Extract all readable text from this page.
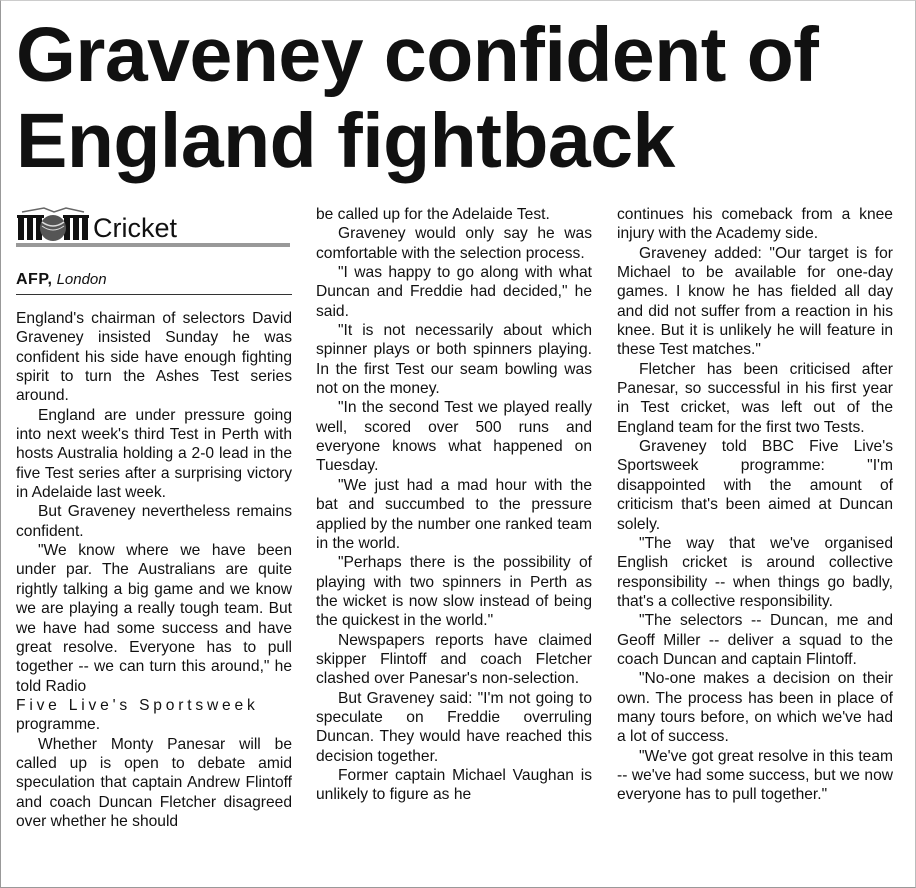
Graveney confident of
England fightback
Cricket
AFP, London

England's chairman of selectors David Graveney insisted Sunday he was confident his side have enough fighting spirit to turn the Ashes Test series around.

England are under pressure going into next week's third Test in Perth with hosts Australia holding a 2-0 lead in the five Test series after a surprising victory in Adelaide last week.

But Graveney nevertheless remains confident.

"We know where we have been under par. The Australians are quite rightly talking a big game and we know we are playing a really tough team. But we have had some success and have great resolve. Everyone has to pull together -- we can turn this around," he told Radio

Five Live's Sportsweek

programme.

Whether Monty Panesar will be called up is open to debate amid speculation that captain Andrew Flintoff and coach Duncan Fletcher disagreed over whether he should

be called up for the Adelaide Test.

Graveney would only say he was comfortable with the selection process.

"I was happy to go along with what Duncan and Freddie had decided," he said.

"It is not necessarily about which spinner plays or both spinners playing. In the first Test our seam bowling was not on the money.

"In the second Test we played really well, scored over 500 runs and everyone knows what happened on Tuesday.

"We just had a mad hour with the bat and succumbed to the pressure applied by the number one ranked team in the world.

"Perhaps there is the possibility of playing with two spinners in Perth as the wicket is now slow instead of being the quickest in the world."

Newspapers reports have claimed skipper Flintoff and coach Fletcher clashed over Panesar's non-selection.

But Graveney said: "I'm not going to speculate on Freddie overruling Duncan. They would have reached this decision together.

Former captain Michael Vaughan is unlikely to figure as he

continues his comeback from a knee injury with the Academy side.

Graveney added: "Our target is for Michael to be available for one-day games. I know he has fielded all day and did not suffer from a reaction in his knee. But it is unlikely he will feature in these Test matches."

Fletcher has been criticised after Panesar, so successful in his first year in Test cricket, was left out of the England team for the first two Tests.

Graveney told BBC Five Live's Sportsweek programme: "I'm disappointed with the amount of criticism that's been aimed at Duncan solely.

"The way that we've organised English cricket is around collective responsibility -- when things go badly, that's a collective responsibility.

"The selectors -- Duncan, me and Geoff Miller -- deliver a squad to the coach Duncan and captain Flintoff.

"No-one makes a decision on their own. The process has been in place of many tours before, on which we've had a lot of success.

"We've got great resolve in this team -- we've had some success, but we now everyone has to pull together."
